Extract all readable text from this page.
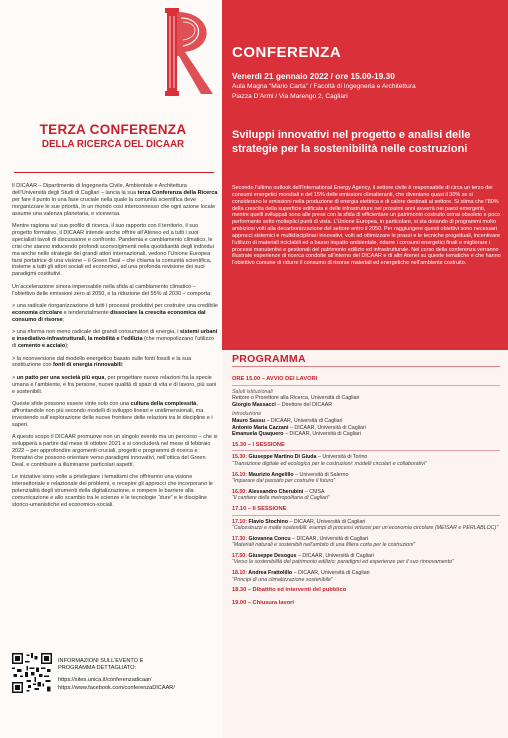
CONFERENZA
Venerdì 21 gennaio 2022 / ore 15.00-19.30
Aula Magna “Mario Carta” / Facoltà di Ingegneria e Architettura
Piazza D’Armi / Via Marengo 2, Cagliari
TERZA CONFERENZA
DELLA RICERCA DEL DICAAR

Il DICAAR – Dipartimento di Ingegneria Civile, Ambientale e Architettura dell’Università degli Studi di Cagliari – lancia la sua terza Conferenza della Ricerca per fare il punto in una fase cruciale nella quale la comunità scientifica deve riorganizzare le sue priorità, in un mondo così interconnesso che ogni azione locale assume una valenza planetaria, e viceversa.

Mentre ragiona sul suo profilo di ricerca, il suo rapporto con il territorio, il suo progetto formativo, il DICAAR intende anche offrire all’Ateneo ed a tutti i suoi specialisti tavoli di discussione e confronto. Pandemia e cambiamento climatico, le crisi che stanno inducendo profondi sconvolgimenti nella quotidianità degli individui ma anche nelle strategie dei grandi attori internazionali, vedono l’Unione Europea farsi portatrice di una visione – il Green Deal – che chiama la comunità scientifica, insieme a tutti gli attori sociali ed economici, ad una profonda revisione dei suoi paradigmi costitutivi.

Un’accelerazione sinora impensabile nella sfida al cambiamento climatico – l’obiettivo delle emissioni zero al 2050, e la riduzione del 55% al 2030 – comporta:

> una radicale riorganizzazione di tutti i processi produttivi per costruire una credibile economia circolare e tendenzialmente dissociare la crescita economica dal consumo di risorse;

> una riforma non meno radicale dei grandi consumatori di energia, i sistemi urbani e insediativo-infrastrutturali, la mobilità e l’edilizia (che monopolizzano l’utilizzo di cemento e acciaio);

> la riconversione dal modello energetico basato sulle fonti fossili e la sua sostituzione con fonti di energia rinnovabili;

> un patto per una società più equa, per progettare nuove relazioni fra la specie umana e l’ambiente, e fra persone, nuove qualità di spazi di vita e di lavoro, più sani e sostenibili.

Queste sfide possono essere vinte solo con una cultura della complessità, affrontandole non più secondo modelli di sviluppo lineari e unidimensionali, ma investendo sull’esplorazione delle nuove frontiere delle relazioni tra le discipline e i saperi.

A questo scopo il DICAAR promuove non un singolo evento ma un percorso – che si svilupperà a partire dal mese di ottobre 2021 e si concluderà nel mese di febbraio 2022 – per approfondire argomenti cruciali, progetti e programmi di ricerca e formativi che possono orientare verso paradigmi innovativi, nell’ottica del Green Deal, e contribuire a illuminarne particolari aspetti.

Le iniziative sono volte a privilegiare i tematismi che offriranno una visione intersettoriale e relazionale dei problemi, e recepire gli approcci che incorporano le potenzialità degli strumenti della digitalizzazione, e rompere le barriere alla comunicazione e allo scambio tra le scienze e le tecnologie “dure” e le discipline storico-umanistiche ed economico-sociali.

INFORMAZIONI SULL’EVENTO E
PROGRAMMA DETTAGLIATO:
https://sites.unica.it/conferenzadicaar/
https://www.facebook.com/conferenzaDICAAR/
Sviluppi innovativi nel progetto e analisi delle strategie per la sostenibilità nelle costruzioni
Secondo l’ultimo outlook dell’International Energy Agency, il settore civile è responsabile di circa un terzo dei consumi energetici mondiali e del 15% delle emissioni climalteranti, che diventano quasi il 30% se si considerano le emissioni nella produzione di energia elettrica e di calore destinati al settore. Si stima che l’80% della crescita della superficie edificata e delle infrastrutture nei prossimi anni avverrà nei paesi emergenti, mentre quelli sviluppati sono alle prese con la sfida di efficientare un patrimonio costruito ormai obsoleto e poco performante sotto molteplici punti di vista. L’Unione Europea, in particolare, si sta dotando di programmi molto ambiziosi volti alla decarbonizzazione del settore entro il 2050. Per raggiungere questi obiettivi sono necessari approcci sistemici e multidisciplinari innovativi, volti ad ottimizzare le prassi e le tecniche progettuali, incentivare l’utilizzo di materiali riciclabili ed a basso impatto ambientale, ridurre i consumi energetici finali e migliorare i processi manutentivi e gestionali del patrimonio edilizio ed infrastrutturale. Nel corso della conferenza verranno illustrate esperienze di ricerca condotte all’interno del DICAAR e di altri Atenei su queste tematiche e che hanno l’obiettivo comune di ridurre il consumo di risorse materiali ed energetiche nell’ambiente costruito.
PROGRAMMA
ORE 15.00 – AVVIO DEI LAVORI
Saluti istituzionali
Rettore o Prorettore alla Ricerca, Università di Cagliari
Giorgio Massacci – Direttore del DICAAR
Introduzione
Mauro Sassu – DICAAR, Università di Cagliari
Antonio Maria Cazzani – DICAAR, Università di Cagliari
Emanuela Quaquero – DICAAR, Università di Cagliari
15.30 – I SESSIONE
15.30: Giuseppe Martino Di Giuda – Università di Torino
“Transizione digitale ed ecologica per le costruzioni: modelli circolari e collaborativi”
16.10: Maurizio Angelillo – Università di Salerno
“Imparare dal passato per costruire il futuro”
16.50: Alessandro Cherubini – CMSA
“Il cantiere della metropolitana di Cagliari”
17.10 – II SESSIONE
17.10: Flavio Stochino – DICAAR, Università di Cagliari
“Calcestruzzi e malte sostenibili: esempi di processi virtuosi per un’economia circolare (MEISAR e PERLABLOC)”
17.30: Giovanna Concu – DICAAR, Università di Cagliari
“Materiali naturali e sostenibili nell’ambito di una filiera corta per le costruzioni”
17.50: Giuseppe Desogus – DICAAR, Università di Cagliari
“Verso la sostenibilità del patrimonio edilizio: paradigmi ed esperienze per il suo rinnovamento”
18.10: Andrea Frattolillo – DICAAR, Università di Cagliari
“Principi di una climatizzazione sostenibile”
18.30 – Dibattito ed interventi del pubblico
19.00 – Chiusura lavori
